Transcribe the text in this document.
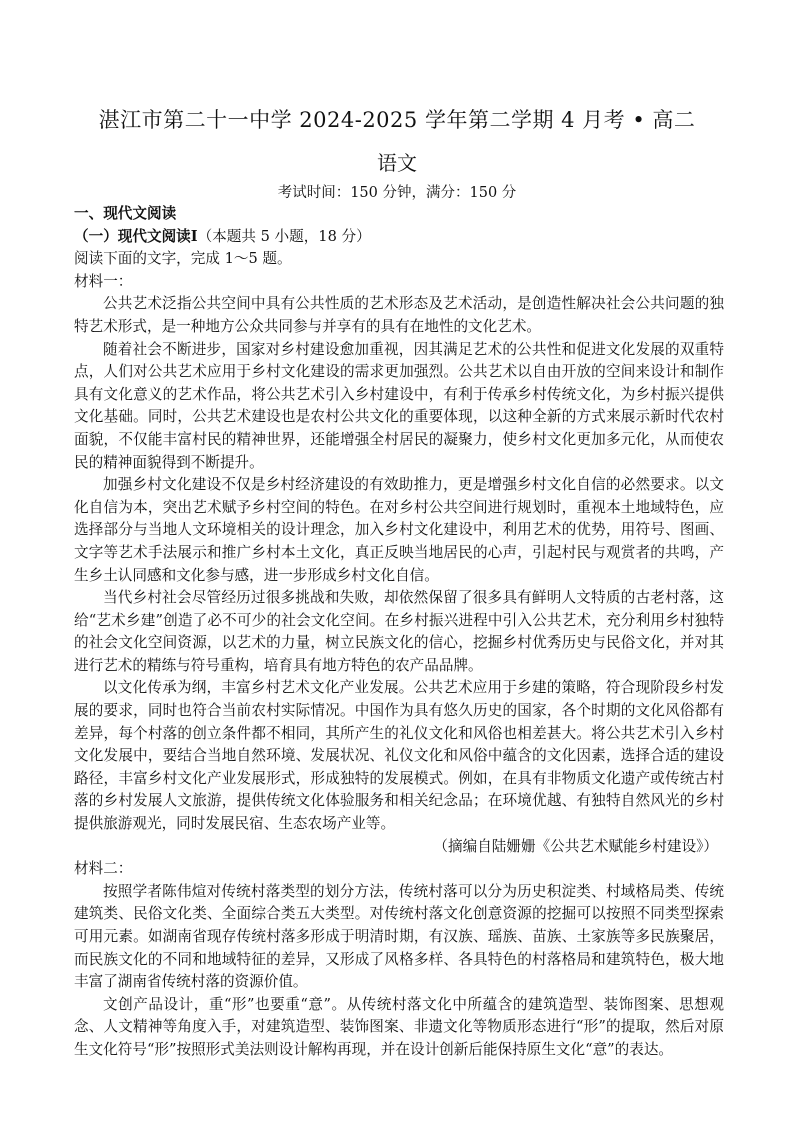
湛江市第二十一中学 2024-2025 学年第二学期 4 月考 • 高二
语文
考试时间：150 分钟，满分：150 分

一、现代文阅读

（一）现代文阅读Ⅰ（本题共 5 小题，18 分）

阅读下面的文字，完成 1～5 题。

材料一：

公共艺术泛指公共空间中具有公共性质的艺术形态及艺术活动，是创造性解决社会公共问题的独特艺术形式，是一种地方公众共同参与并享有的具有在地性的文化艺术。

随着社会不断进步，国家对乡村建设愈加重视，因其满足艺术的公共性和促进文化发展的双重特点，人们对公共艺术应用于乡村文化建设的需求更加强烈。公共艺术以自由开放的空间来设计和制作具有文化意义的艺术作品，将公共艺术引入乡村建设中，有利于传承乡村传统文化，为乡村振兴提供文化基础。同时，公共艺术建设也是农村公共文化的重要体现，以这种全新的方式来展示新时代农村面貌，不仅能丰富村民的精神世界，还能增强全村居民的凝聚力，使乡村文化更加多元化，从而使农民的精神面貌得到不断提升。

加强乡村文化建设不仅是乡村经济建设的有效助推力，更是增强乡村文化自信的必然要求。以文化自信为本，突出艺术赋予乡村空间的特色。在对乡村公共空间进行规划时，重视本土地域特色，应选择部分与当地人文环境相关的设计理念，加入乡村文化建设中，利用艺术的优势，用符号、图画、文字等艺术手法展示和推广乡村本土文化，真正反映当地居民的心声，引起村民与观赏者的共鸣，产生乡土认同感和文化参与感，进一步形成乡村文化自信。

当代乡村社会尽管经历过很多挑战和失败，却依然保留了很多具有鲜明人文特质的古老村落，这给“艺术乡建”创造了必不可少的社会文化空间。在乡村振兴进程中引入公共艺术，充分利用乡村独特的社会文化空间资源，以艺术的力量，树立民族文化的信心，挖掘乡村优秀历史与民俗文化，并对其进行艺术的精练与符号重构，培育具有地方特色的农产品品牌。

以文化传承为纲，丰富乡村艺术文化产业发展。公共艺术应用于乡建的策略，符合现阶段乡村发展的要求，同时也符合当前农村实际情况。中国作为具有悠久历史的国家，各个时期的文化风俗都有差异，每个村落的创立条件都不相同，其所产生的礼仪文化和风俗也相差甚大。将公共艺术引入乡村文化发展中，要结合当地自然环境、发展状况、礼仪文化和风俗中蕴含的文化因素，选择合适的建设路径，丰富乡村文化产业发展形式，形成独特的发展模式。例如，在具有非物质文化遗产或传统古村落的乡村发展人文旅游，提供传统文化体验服务和相关纪念品；在环境优越、有独特自然风光的乡村提供旅游观光，同时发展民宿、生态农场产业等。

（摘编自陆姗姗《公共艺术赋能乡村建设》）

材料二：

按照学者陈伟煊对传统村落类型的划分方法，传统村落可以分为历史积淀类、村域格局类、传统建筑类、民俗文化类、全面综合类五大类型。对传统村落文化创意资源的挖掘可以按照不同类型探索可用元素。如湖南省现存传统村落多形成于明清时期，有汉族、瑶族、苗族、土家族等多民族聚居，而民族文化的不同和地域特征的差异，又形成了风格多样、各具特色的村落格局和建筑特色，极大地丰富了湖南省传统村落的资源价值。

文创产品设计，重“形”也要重“意”。从传统村落文化中所蕴含的建筑造型、装饰图案、思想观念、人文精神等角度入手，对建筑造型、装饰图案、非遗文化等物质形态进行“形”的提取，然后对原生文化符号“形”按照形式美法则设计解构再现，并在设计创新后能保持原生文化“意”的表达。
